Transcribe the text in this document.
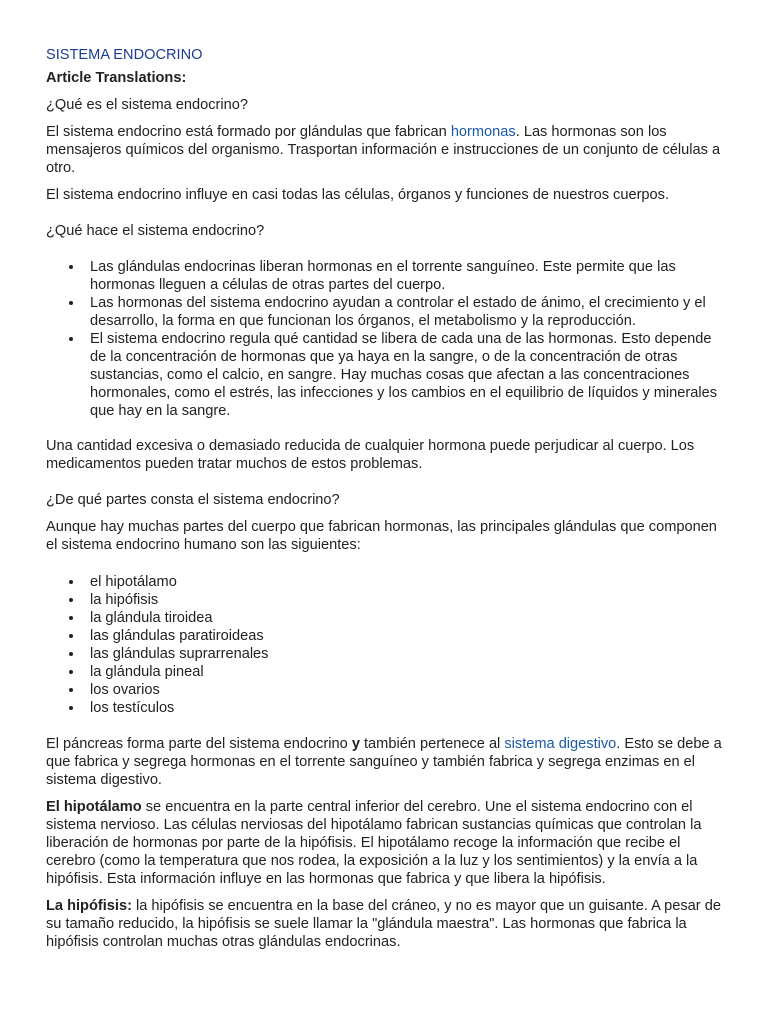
SISTEMA ENDOCRINO

Article Translations:

¿Qué es el sistema endocrino?

El sistema endocrino está formado por glándulas que fabrican hormonas. Las hormonas son los mensajeros químicos del organismo. Trasportan información e instrucciones de un conjunto de células a otro.

El sistema endocrino influye en casi todas las células, órganos y funciones de nuestros cuerpos.

¿Qué hace el sistema endocrino?

Las glándulas endocrinas liberan hormonas en el torrente sanguíneo. Este permite que las hormonas lleguen a células de otras partes del cuerpo.
Las hormonas del sistema endocrino ayudan a controlar el estado de ánimo, el crecimiento y el desarrollo, la forma en que funcionan los órganos, el metabolismo y la reproducción.
El sistema endocrino regula qué cantidad se libera de cada una de las hormonas. Esto depende de la concentración de hormonas que ya haya en la sangre, o de la concentración de otras sustancias, como el calcio, en sangre. Hay muchas cosas que afectan a las concentraciones hormonales, como el estrés, las infecciones y los cambios en el equilibrio de líquidos y minerales que hay en la sangre.

Una cantidad excesiva o demasiado reducida de cualquier hormona puede perjudicar al cuerpo. Los medicamentos pueden tratar muchos de estos problemas.

¿De qué partes consta el sistema endocrino?

Aunque hay muchas partes del cuerpo que fabrican hormonas, las principales glándulas que componen el sistema endocrino humano son las siguientes:

el hipotálamo
la hipófisis
la glándula tiroidea
las glándulas paratiroideas
las glándulas suprarrenales
la glándula pineal
los ovarios
los testículos

El páncreas forma parte del sistema endocrino y también pertenece al sistema digestivo. Esto se debe a que fabrica y segrega hormonas en el torrente sanguíneo y también fabrica y segrega enzimas en el sistema digestivo.

El hipotálamo se encuentra en la parte central inferior del cerebro. Une el sistema endocrino con el sistema nervioso. Las células nerviosas del hipotálamo fabrican sustancias químicas que controlan la liberación de hormonas por parte de la hipófisis. El hipotálamo recoge la información que recibe el cerebro (como la temperatura que nos rodea, la exposición a la luz y los sentimientos) y la envía a la hipófisis. Esta información influye en las hormonas que fabrica y que libera la hipófisis.

La hipófisis: la hipófisis se encuentra en la base del cráneo, y no es mayor que un guisante. A pesar de su tamaño reducido, la hipófisis se suele llamar la "glándula maestra". Las hormonas que fabrica la hipófisis controlan muchas otras glándulas endocrinas.
